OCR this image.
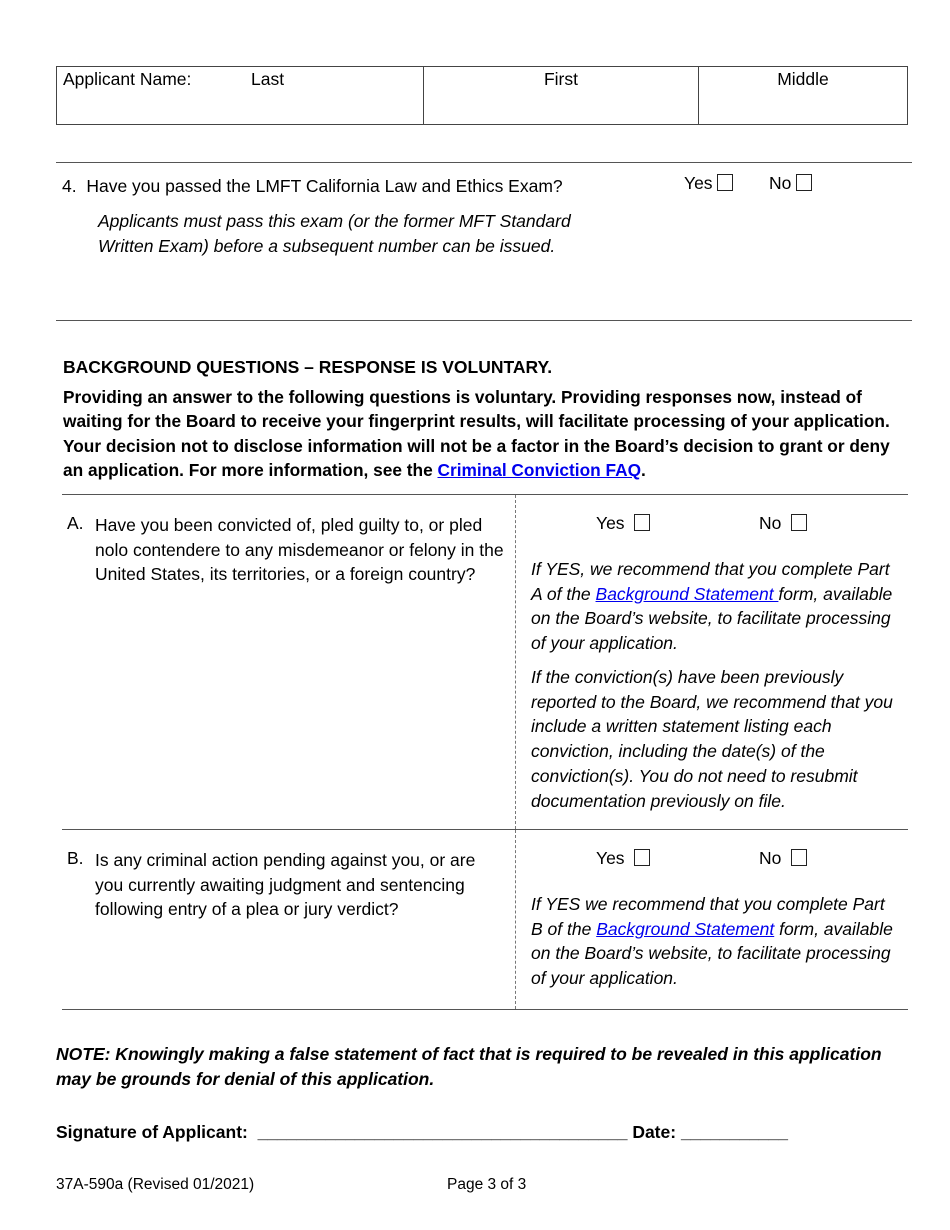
Applicant Name:	Last	First	Middle
4. Have you passed the LMFT California Law and Ethics Exam?	Yes	No
Applicants must pass this exam (or the former MFT Standard
Written Exam) before a subsequent number can be issued.
BACKGROUND QUESTIONS – RESPONSE IS VOLUNTARY.
Providing an answer to the following questions is voluntary. Providing responses now, instead of waiting for the Board to receive your fingerprint results, will facilitate processing of your application. Your decision not to disclose information will not be a factor in the Board’s decision to grant or deny an application. For more information, see the Criminal Conviction FAQ.
A. Have you been convicted of, pled guilty to, or pled nolo contendere to any misdemeanor or felony in the United States, its territories, or a foreign country?
Yes	No
If YES, we recommend that you complete Part A of the Background Statement form, available on the Board’s website, to facilitate processing of your application.
If the conviction(s) have been previously reported to the Board, we recommend that you include a written statement listing each conviction, including the date(s) of the conviction(s). You do not need to resubmit documentation previously on file.
B. Is any criminal action pending against you, or are you currently awaiting judgment and sentencing following entry of a plea or jury verdict?
Yes	No
If YES we recommend that you complete Part B of the Background Statement form, available on the Board’s website, to facilitate processing of your application.
NOTE: Knowingly making a false statement of fact that is required to be revealed in this application may be grounds for denial of this application.
Signature of Applicant: ______________________________________ Date: ___________
37A-590a (Revised 01/2021)	Page 3 of 3
